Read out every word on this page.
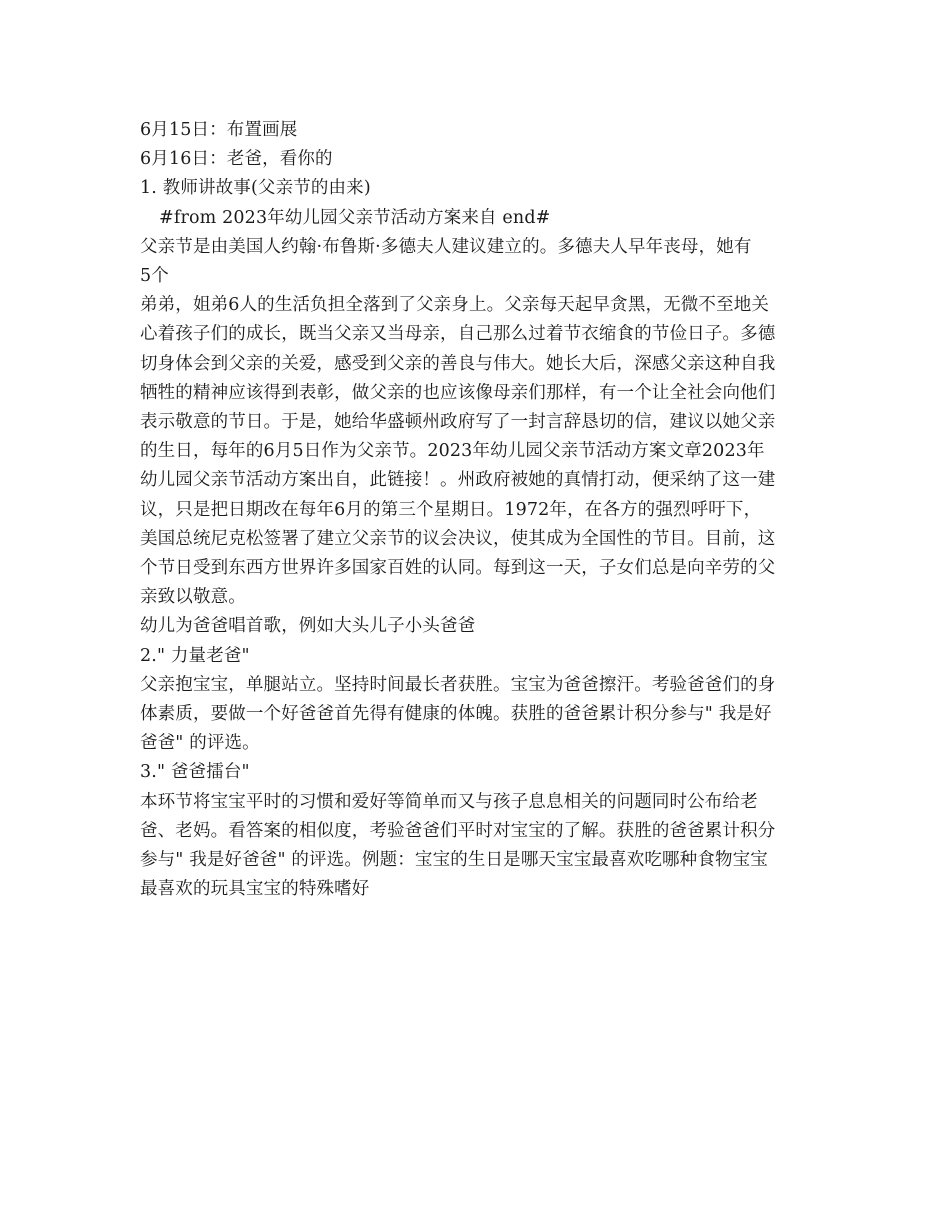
6月15日：布置画展
6月16日：老爸，看你的
1. 教师讲故事(父亲节的由来)
#from 2023年幼儿园父亲节活动方案来自 end#
父亲节是由美国人约翰·布鲁斯·多德夫人建议建立的。多德夫人早年丧母，她有
5个
弟弟，姐弟6人的生活负担全落到了父亲身上。父亲每天起早贪黑，无微不至地关
心着孩子们的成长，既当父亲又当母亲，自己那么过着节衣缩食的节俭日子。多德
切身体会到父亲的关爱，感受到父亲的善良与伟大。她长大后，深感父亲这种自我
牺牲的精神应该得到表彰，做父亲的也应该像母亲们那样，有一个让全社会向他们
表示敬意的节日。于是，她给华盛顿州政府写了一封言辞恳切的信，建议以她父亲
的生日，每年的6月5日作为父亲节。2023年幼儿园父亲节活动方案文章2023年
幼儿园父亲节活动方案出自，此链接！。州政府被她的真情打动，便采纳了这一建
议，只是把日期改在每年6月的第三个星期日。1972年，在各方的强烈呼吁下，
美国总统尼克松签署了建立父亲节的议会决议，使其成为全国性的节目。目前，这
个节日受到东西方世界许多国家百姓的认同。每到这一天，子女们总是向辛劳的父
亲致以敬意。
幼儿为爸爸唱首歌，例如大头儿子小头爸爸
2." 力量老爸"
父亲抱宝宝，单腿站立。坚持时间最长者获胜。宝宝为爸爸擦汗。考验爸爸们的身
体素质，要做一个好爸爸首先得有健康的体魄。获胜的爸爸累计积分参与" 我是好
爸爸" 的评选。
3." 爸爸擂台"
本环节将宝宝平时的习惯和爱好等简单而又与孩子息息相关的问题同时公布给老
爸、老妈。看答案的相似度，考验爸爸们平时对宝宝的了解。获胜的爸爸累计积分
参与" 我是好爸爸" 的评选。例题：宝宝的生日是哪天宝宝最喜欢吃哪种食物宝宝
最喜欢的玩具宝宝的特殊嗜好
